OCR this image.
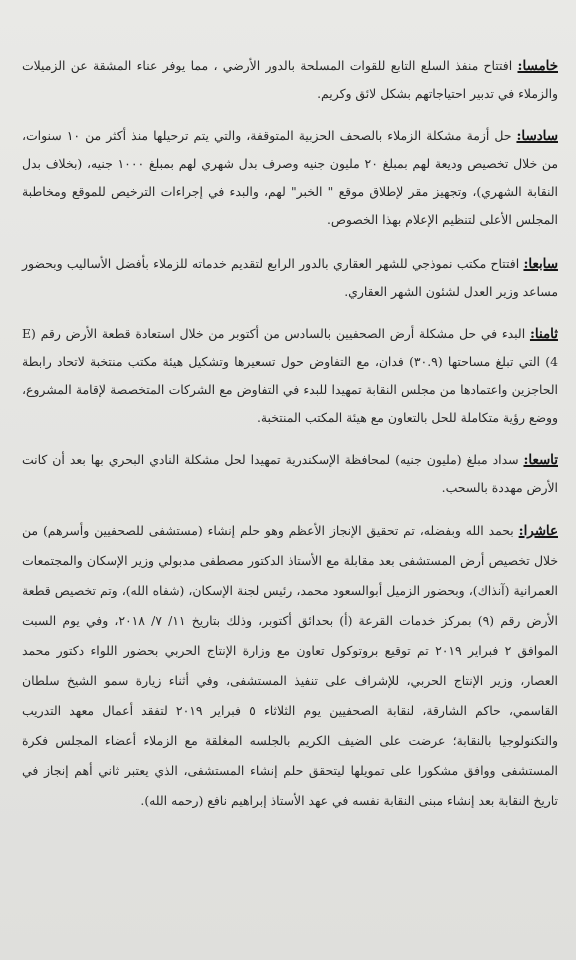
خامسا: افتتاح منفذ السلع التابع للقوات المسلحة بالدور الأرضي ، مما يوفر عناء المشقة عن الزميلات والزملاء في تدبير احتياجاتهم بشكل لائق وكريم.

سادسا: حل أزمة مشكلة الزملاء بالصحف الحزبية المتوقفة، والتي يتم ترحيلها منذ أكثر من ١٠ سنوات، من خلال تخصيص وديعة لهم بمبلغ ٢٠ مليون جنيه وصرف بدل شهري لهم بمبلغ ١٠٠٠ جنيه، (بخلاف بدل النقابة الشهري)، وتجهيز مقر لإطلاق موقع " الخبر" لهم، والبدء في إجراءات الترخيص للموقع ومخاطبة المجلس الأعلى لتنظيم الإعلام بهذا الخصوص.

سابعا: افتتاح مكتب نموذجي للشهر العقاري بالدور الرابع لتقديم خدماته للزملاء بأفضل الأساليب وبحضور مساعد وزير العدل لشئون الشهر العقاري.

ثامنا: البدء في حل مشكلة أرض الصحفيين بالسادس من أكتوبر من خلال استعادة قطعة الأرض رقم (E 4) التي تبلغ مساحتها (٣٠.٩) فدان، مع التفاوض حول تسعيرها وتشكيل هيئة مكتب منتخبة لاتحاد رابطة الحاجزين واعتمادها من مجلس النقابة تمهيدا للبدء في التفاوض مع الشركات المتخصصة لإقامة المشروع، ووضع رؤية متكاملة للحل بالتعاون مع هيئة المكتب المنتخبة.

تاسعا: سداد مبلغ (مليون جنيه) لمحافظة الإسكندرية تمهيدا لحل مشكلة النادي البحري بها بعد أن كانت الأرض مهددة بالسحب.

عاشرا: بحمد الله وبفضله، تم تحقيق الإنجاز الأعظم وهو حلم إنشاء (مستشفى للصحفيين وأسرهم) من خلال تخصيص أرض المستشفى بعد مقابلة مع الأستاذ الدكتور مصطفى مدبولي وزير الإسكان والمجتمعات العمرانية (آنذاك)، وبحضور الزميل أبوالسعود محمد، رئيس لجنة الإسكان، (شفاه الله)، وتم تخصيص قطعة الأرض رقم (٩) بمركز خدمات القرعة (أ) بحدائق أكتوبر، وذلك بتاريخ ١١/ ٧/ ٢٠١٨، وفي يوم السبت الموافق ٢ فبراير ٢٠١٩ تم توقيع بروتوكول تعاون مع وزارة الإنتاج الحربي بحضور اللواء دكتور محمد العصار، وزير الإنتاج الحربي، للإشراف على تنفيذ المستشفى، وفي أثناء زيارة سمو الشيخ سلطان القاسمي، حاكم الشارقة، لنقابة الصحفيين يوم الثلاثاء ٥ فبراير ٢٠١٩ لتفقد أعمال معهد التدريب والتكنولوجيا بالنقابة؛ عرضت على الضيف الكريم بالجلسه المغلقة مع الزملاء أعضاء المجلس فكرة المستشفى ووافق مشكورا على تمويلها ليتحقق حلم إنشاء المستشفى، الذي يعتبر ثاني أهم إنجاز في تاريخ النقابة بعد إنشاء مبنى النقابة نفسه في عهد الأستاذ إبراهيم نافع (رحمه الله).
